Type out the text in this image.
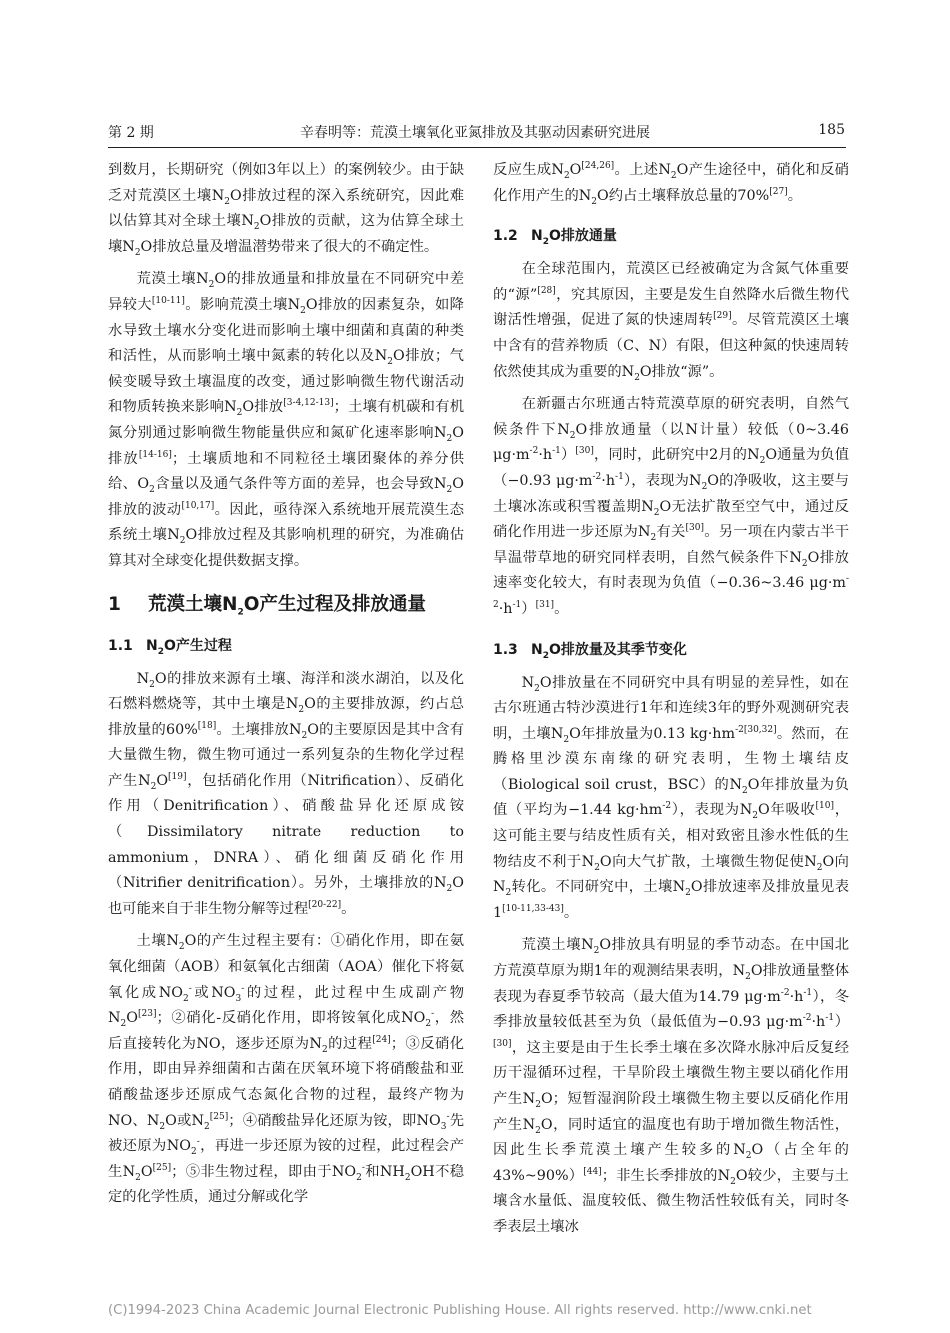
第 2 期	辛春明等：荒漠土壤氧化亚氮排放及其驱动因素研究进展	185

到数月，长期研究（例如3年以上）的案例较少。由于缺乏对荒漠区土壤$N_2O$排放过程的深入系统研究，因此难以估算其对全球土壤$N_2O$排放的贡献，这为估算全球土壤$N_2O$排放总量及增温潜势带来了很大的不确定性。

荒漠土壤$N_2O$的排放通量和排放量在不同研究中差异较大[10-11]。影响荒漠土壤$N_2O$排放的因素复杂，如降水导致土壤水分变化进而影响土壤中细菌和真菌的种类和活性，从而影响土壤中氮素的转化以及$N_2O$排放；气候变暖导致土壤温度的改变，通过影响微生物代谢活动和物质转换来影响$N_2O$排放[3-4,12-13]；土壤有机碳和有机氮分别通过影响微生物能量供应和氮矿化速率影响$N_2O$排放[14-16]；土壤质地和不同粒径土壤团聚体的养分供给、$O_2$含量以及通气条件等方面的差异，也会导致$N_2O$排放的波动[10,17]。因此，亟待深入系统地开展荒漠生态系统土壤$N_2O$排放过程及其影响机理的研究，为准确估算其对全球变化提供数据支撑。

1 荒漠土壤$N_2O$产生过程及排放通量
1.1 $N_2O$产生过程

$N_2O$的排放来源有土壤、海洋和淡水湖泊，以及化石燃料燃烧等，其中土壤是$N_2O$的主要排放源，约占总排放量的60%[18]。土壤排放$N_2O$的主要原因是其中含有大量微生物，微生物可通过一系列复杂的生物化学过程产生$N_2O[19]$，包括硝化作用（Nitrification）、反硝化作用（Denitrification）、硝酸盐异化还原成铵（Dissimilatory nitrate reduction to ammonium，DNRA）、硝化细菌反硝化作用（Nitrifier denitrification）。另外，土壤排放的$N_2O$也可能来自于非生物分解等过程[20-22]。

土壤$N_2O$的产生过程主要有：①硝化作用，即在氨氧化细菌（AOB）和氨氧化古细菌（AOA）催化下将氨氧化成$NO_2^-$或$NO_3^-$的过程，此过程中生成副产物$N_2O[23]$；②硝化-反硝化作用，即将铵氧化成$NO_2^-$，然后直接转化为NO，逐步还原为$N_2$的过程[24]；③反硝化作用，即由异养细菌和古菌在厌氧环境下将硝酸盐和亚硝酸盐逐步还原成气态氮化合物的过程，最终产物为NO、$N_2O$或$N_2[25]$；④硝酸盐异化还原为铵，即$NO_3^-$先被还原为$NO_2^-$，再进一步还原为铵的过程，此过程会产生$N_2O[25]$；⑤非生物过程，即由于$NO_2^-$和$NH_2OH$不稳定的化学性质，通过分解或化学

反应生成$N_2O[24,26]$。上述$N_2O$产生途径中，硝化和反硝化作用产生的$N_2O$约占土壤释放总量的70%[27]。

1.2 $N_2O$排放通量

在全球范围内，荒漠区已经被确定为含氮气体重要的“源”[28]，究其原因，主要是发生自然降水后微生物代谢活性增强，促进了氮的快速周转[29]。尽管荒漠区土壤中含有的营养物质（C、N）有限，但这种氮的快速周转依然使其成为重要的$N_2O$排放“源”。

在新疆古尔班通古特荒漠草原的研究表明，自然气候条件下$N_2O$排放通量（以N计量）较低（0~3.46 $\mu g\cdot m^{-2}\cdot h^{-1})[30]$，同时，此研究中2月的$N_2O$通量为负值（−0.93 $\mu g\cdot m^{-2}\cdot h^{-1}$），表现为$N_2O$的净吸收，这主要与土壤冰冻或积雪覆盖期$N_2O$无法扩散至空气中，通过反硝化作用进一步还原为$N_2$有关[30]。另一项在内蒙古半干旱温带草地的研究同样表明，自然气候条件下$N_2O$排放速率变化较大，有时表现为负值（−0.36~3.46 $\mu g\cdot m^{-2}\cdot h^{-1})[31]$。

1.3 $N_2O$排放量及其季节变化

$N_2O$排放量在不同研究中具有明显的差异性，如在古尔班通古特沙漠进行1年和连续3年的野外观测研究表明，土壤$N_2O$年排放量为0.13 $kg\cdot hm^{-2[30,32]}$。然而，在腾格里沙漠东南缘的研究表明，生物土壤结皮（Biological soil crust，BSC）的$N_2O$年排放量为负值（平均为−1.44 $kg\cdot hm^{-2}$），表现为$N_2O$年吸收[10]，这可能主要与结皮性质有关，相对致密且渗水性低的生物结皮不利于$N_2O$向大气扩散，土壤微生物促使$N_2O$向$N_2$转化。不同研究中，土壤$N_2O$排放速率及排放量见表1[10-11,33-43]。

荒漠土壤$N_2O$排放具有明显的季节动态。在中国北方荒漠草原为期1年的观测结果表明，$N_2O$排放通量整体表现为春夏季节较高（最大值为14.79 $\mu g\cdot m^{-2}\cdot h^{-1}$），冬季排放量较低甚至为负（最低值为−0.93 $\mu g\cdot m^{-2}\cdot h^{-1})[30]$，这主要是由于生长季土壤在多次降水脉冲后反复经历干湿循环过程，干旱阶段土壤微生物主要以硝化作用产生$N_2O$；短暂湿润阶段土壤微生物主要以反硝化作用产生$N_2O$，同时适宜的温度也有助于增加微生物活性，因此生长季荒漠土壤产生较多的$N_2O$（占全年的43%~90%）[44]；非生长季排放的$N_2O$较少，主要与土壤含水量低、温度较低、微生物活性较低有关，同时冬季表层土壤冰

(C)1994-2023 China Academic Journal Electronic Publishing House. All rights reserved. http://www.cnki.net
